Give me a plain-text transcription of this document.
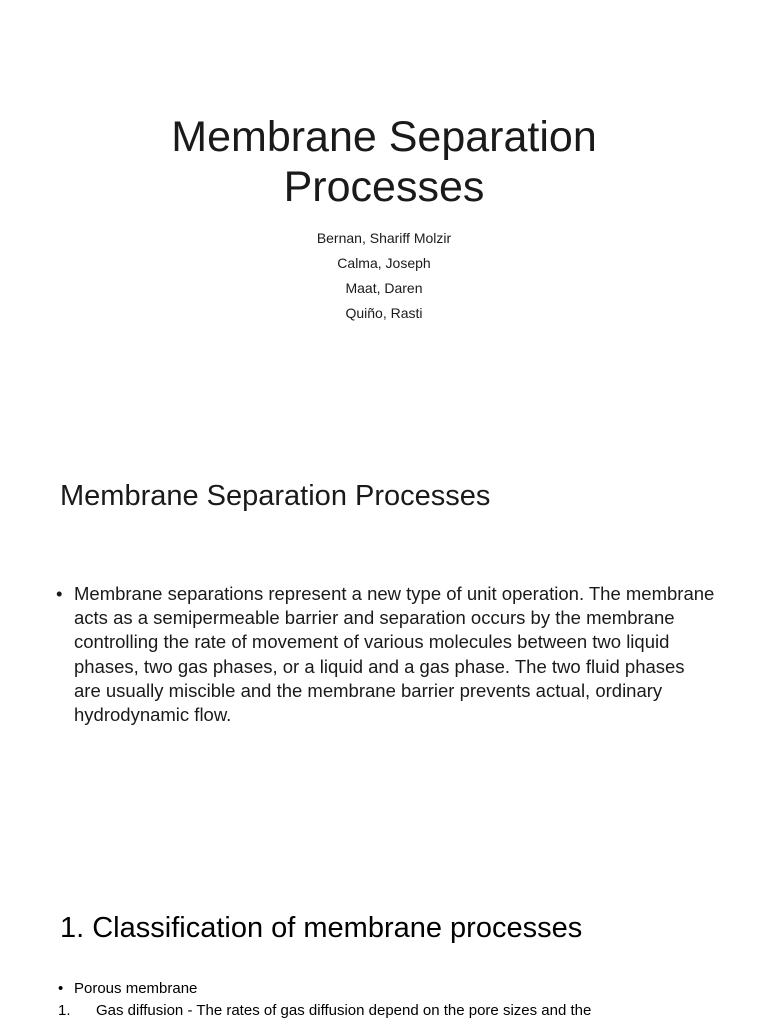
Membrane Separation
Processes
Bernan, Shariff Molzir
Calma, Joseph
Maat, Daren
Quiño, Rasti
Membrane Separation Processes
• Membrane separations represent a new type of unit operation. The membrane acts as a semipermeable barrier and separation occurs by the membrane controlling the rate of movement of various molecules between two liquid phases, two gas phases, or a liquid and a gas phase. The two fluid phases are usually miscible and the membrane barrier prevents actual, ordinary hydrodynamic flow.
1. Classification of membrane processes
• Porous membrane
1. Gas diffusion - The rates of gas diffusion depend on the pore sizes and the
